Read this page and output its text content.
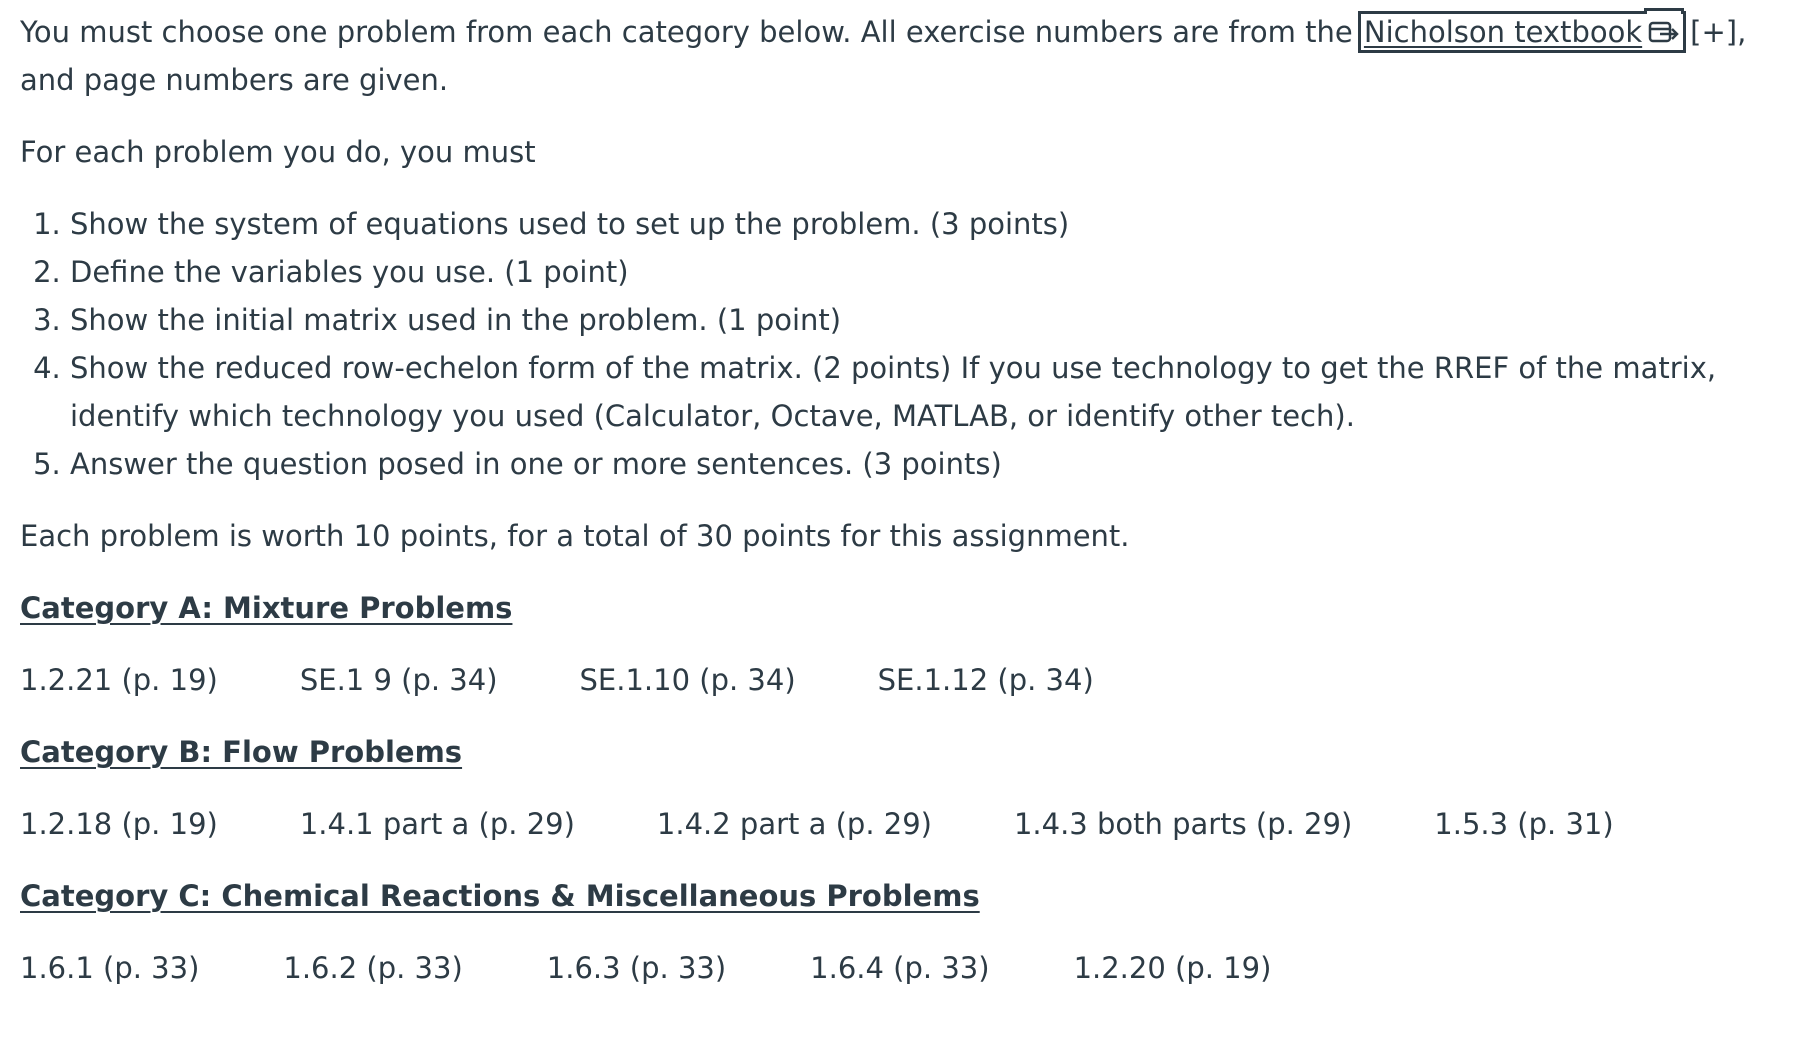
You must choose one problem from each category below. All exercise numbers are from the Nicholson textbook [+],

and page numbers are given.

For each problem you do, you must

1. Show the system of equations used to set up the problem. (3 points)
2. Define the variables you use. (1 point)
3. Show the initial matrix used in the problem. (1 point)
4. Show the reduced row-echelon form of the matrix. (2 points) If you use technology to get the RREF of the matrix, identify which technology you used (Calculator, Octave, MATLAB, or identify other tech).
5. Answer the question posed in one or more sentences. (3 points)

Each problem is worth 10 points, for a total of 30 points for this assignment.

Category A: Mixture Problems

1.2.21 (p. 19)	SE.1 9 (p. 34)	SE.1.10 (p. 34)	SE.1.12 (p. 34)

Category B: Flow Problems

1.2.18 (p. 19)	1.4.1 part a (p. 29)	1.4.2 part a (p. 29)	1.4.3 both parts (p. 29)	1.5.3 (p. 31)

Category C: Chemical Reactions & Miscellaneous Problems

1.6.1 (p. 33)	1.6.2 (p. 33)	1.6.3 (p. 33)	1.6.4 (p. 33)	1.2.20 (p. 19)
